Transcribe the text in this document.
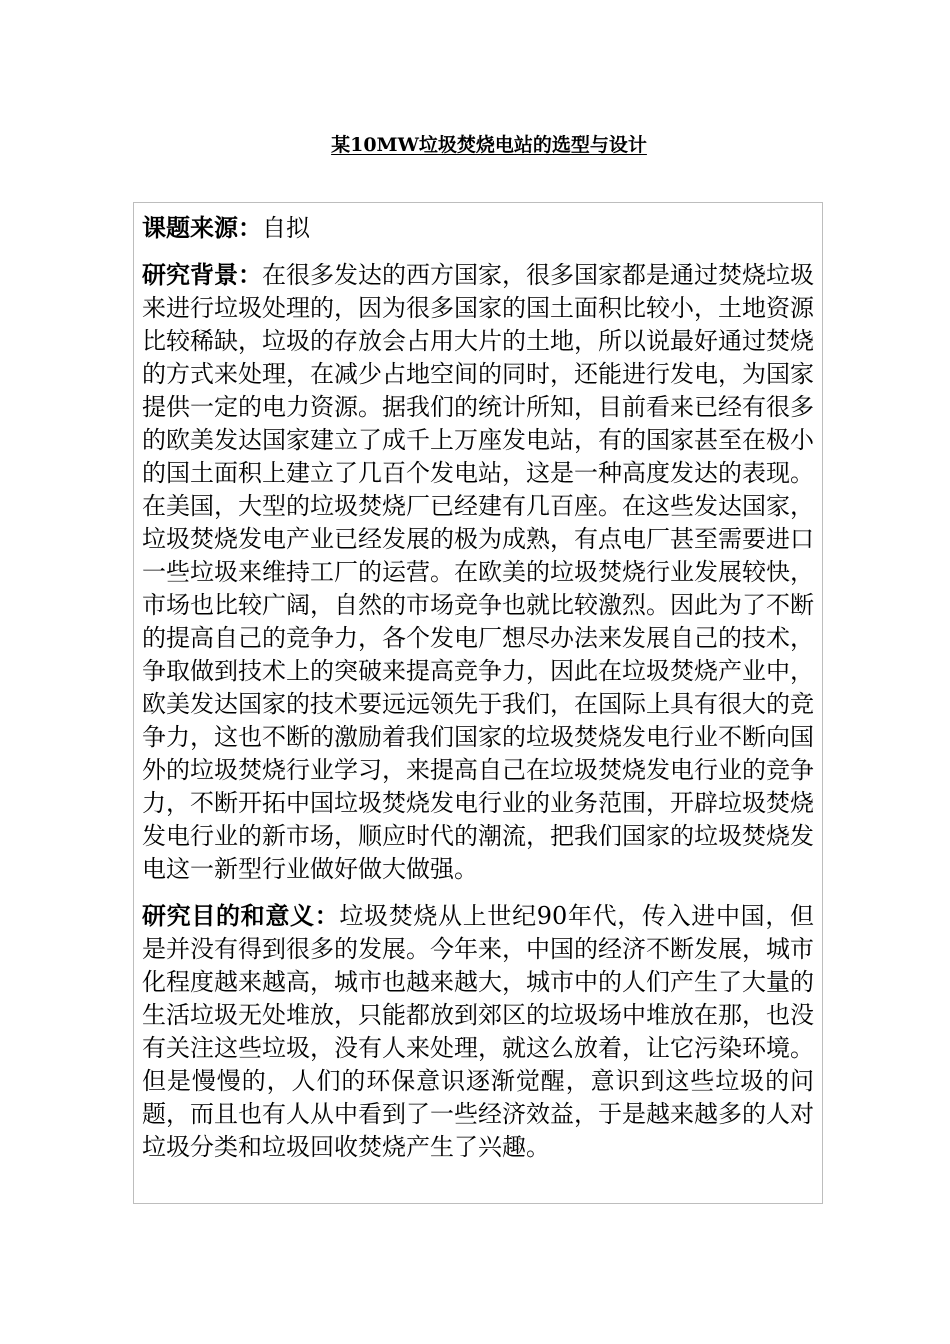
某10MW垃圾焚烧电站的选型与设计

课题来源：自拟

研究背景：在很多发达的西方国家，很多国家都是通过焚烧垃圾来进行垃圾处理的，因为很多国家的国土面积比较小，土地资源比较稀缺，垃圾的存放会占用大片的土地，所以说最好通过焚烧的方式来处理，在减少占地空间的同时，还能进行发电，为国家提供一定的电力资源。据我们的统计所知，目前看来已经有很多的欧美发达国家建立了成千上万座发电站，有的国家甚至在极小的国土面积上建立了几百个发电站，这是一种高度发达的表现。在美国，大型的垃圾焚烧厂已经建有几百座。在这些发达国家，垃圾焚烧发电产业已经发展的极为成熟，有点电厂甚至需要进口一些垃圾来维持工厂的运营。在欧美的垃圾焚烧行业发展较快，市场也比较广阔，自然的市场竞争也就比较激烈。因此为了不断的提高自己的竞争力，各个发电厂想尽办法来发展自己的技术，争取做到技术上的突破来提高竞争力，因此在垃圾焚烧产业中，欧美发达国家的技术要远远领先于我们，在国际上具有很大的竞争力，这也不断的激励着我们国家的垃圾焚烧发电行业不断向国外的垃圾焚烧行业学习，来提高自己在垃圾焚烧发电行业的竞争力，不断开拓中国垃圾焚烧发电行业的业务范围，开辟垃圾焚烧发电行业的新市场，顺应时代的潮流，把我们国家的垃圾焚烧发电这一新型行业做好做大做强。

研究目的和意义：垃圾焚烧从上世纪90年代，传入进中国，但是并没有得到很多的发展。今年来，中国的经济不断发展，城市化程度越来越高，城市也越来越大，城市中的人们产生了大量的生活垃圾无处堆放，只能都放到郊区的垃圾场中堆放在那，也没有关注这些垃圾，没有人来处理，就这么放着，让它污染环境。但是慢慢的，人们的环保意识逐渐觉醒，意识到这些垃圾的问题，而且也有人从中看到了一些经济效益，于是越来越多的人对垃圾分类和垃圾回收焚烧产生了兴趣。
